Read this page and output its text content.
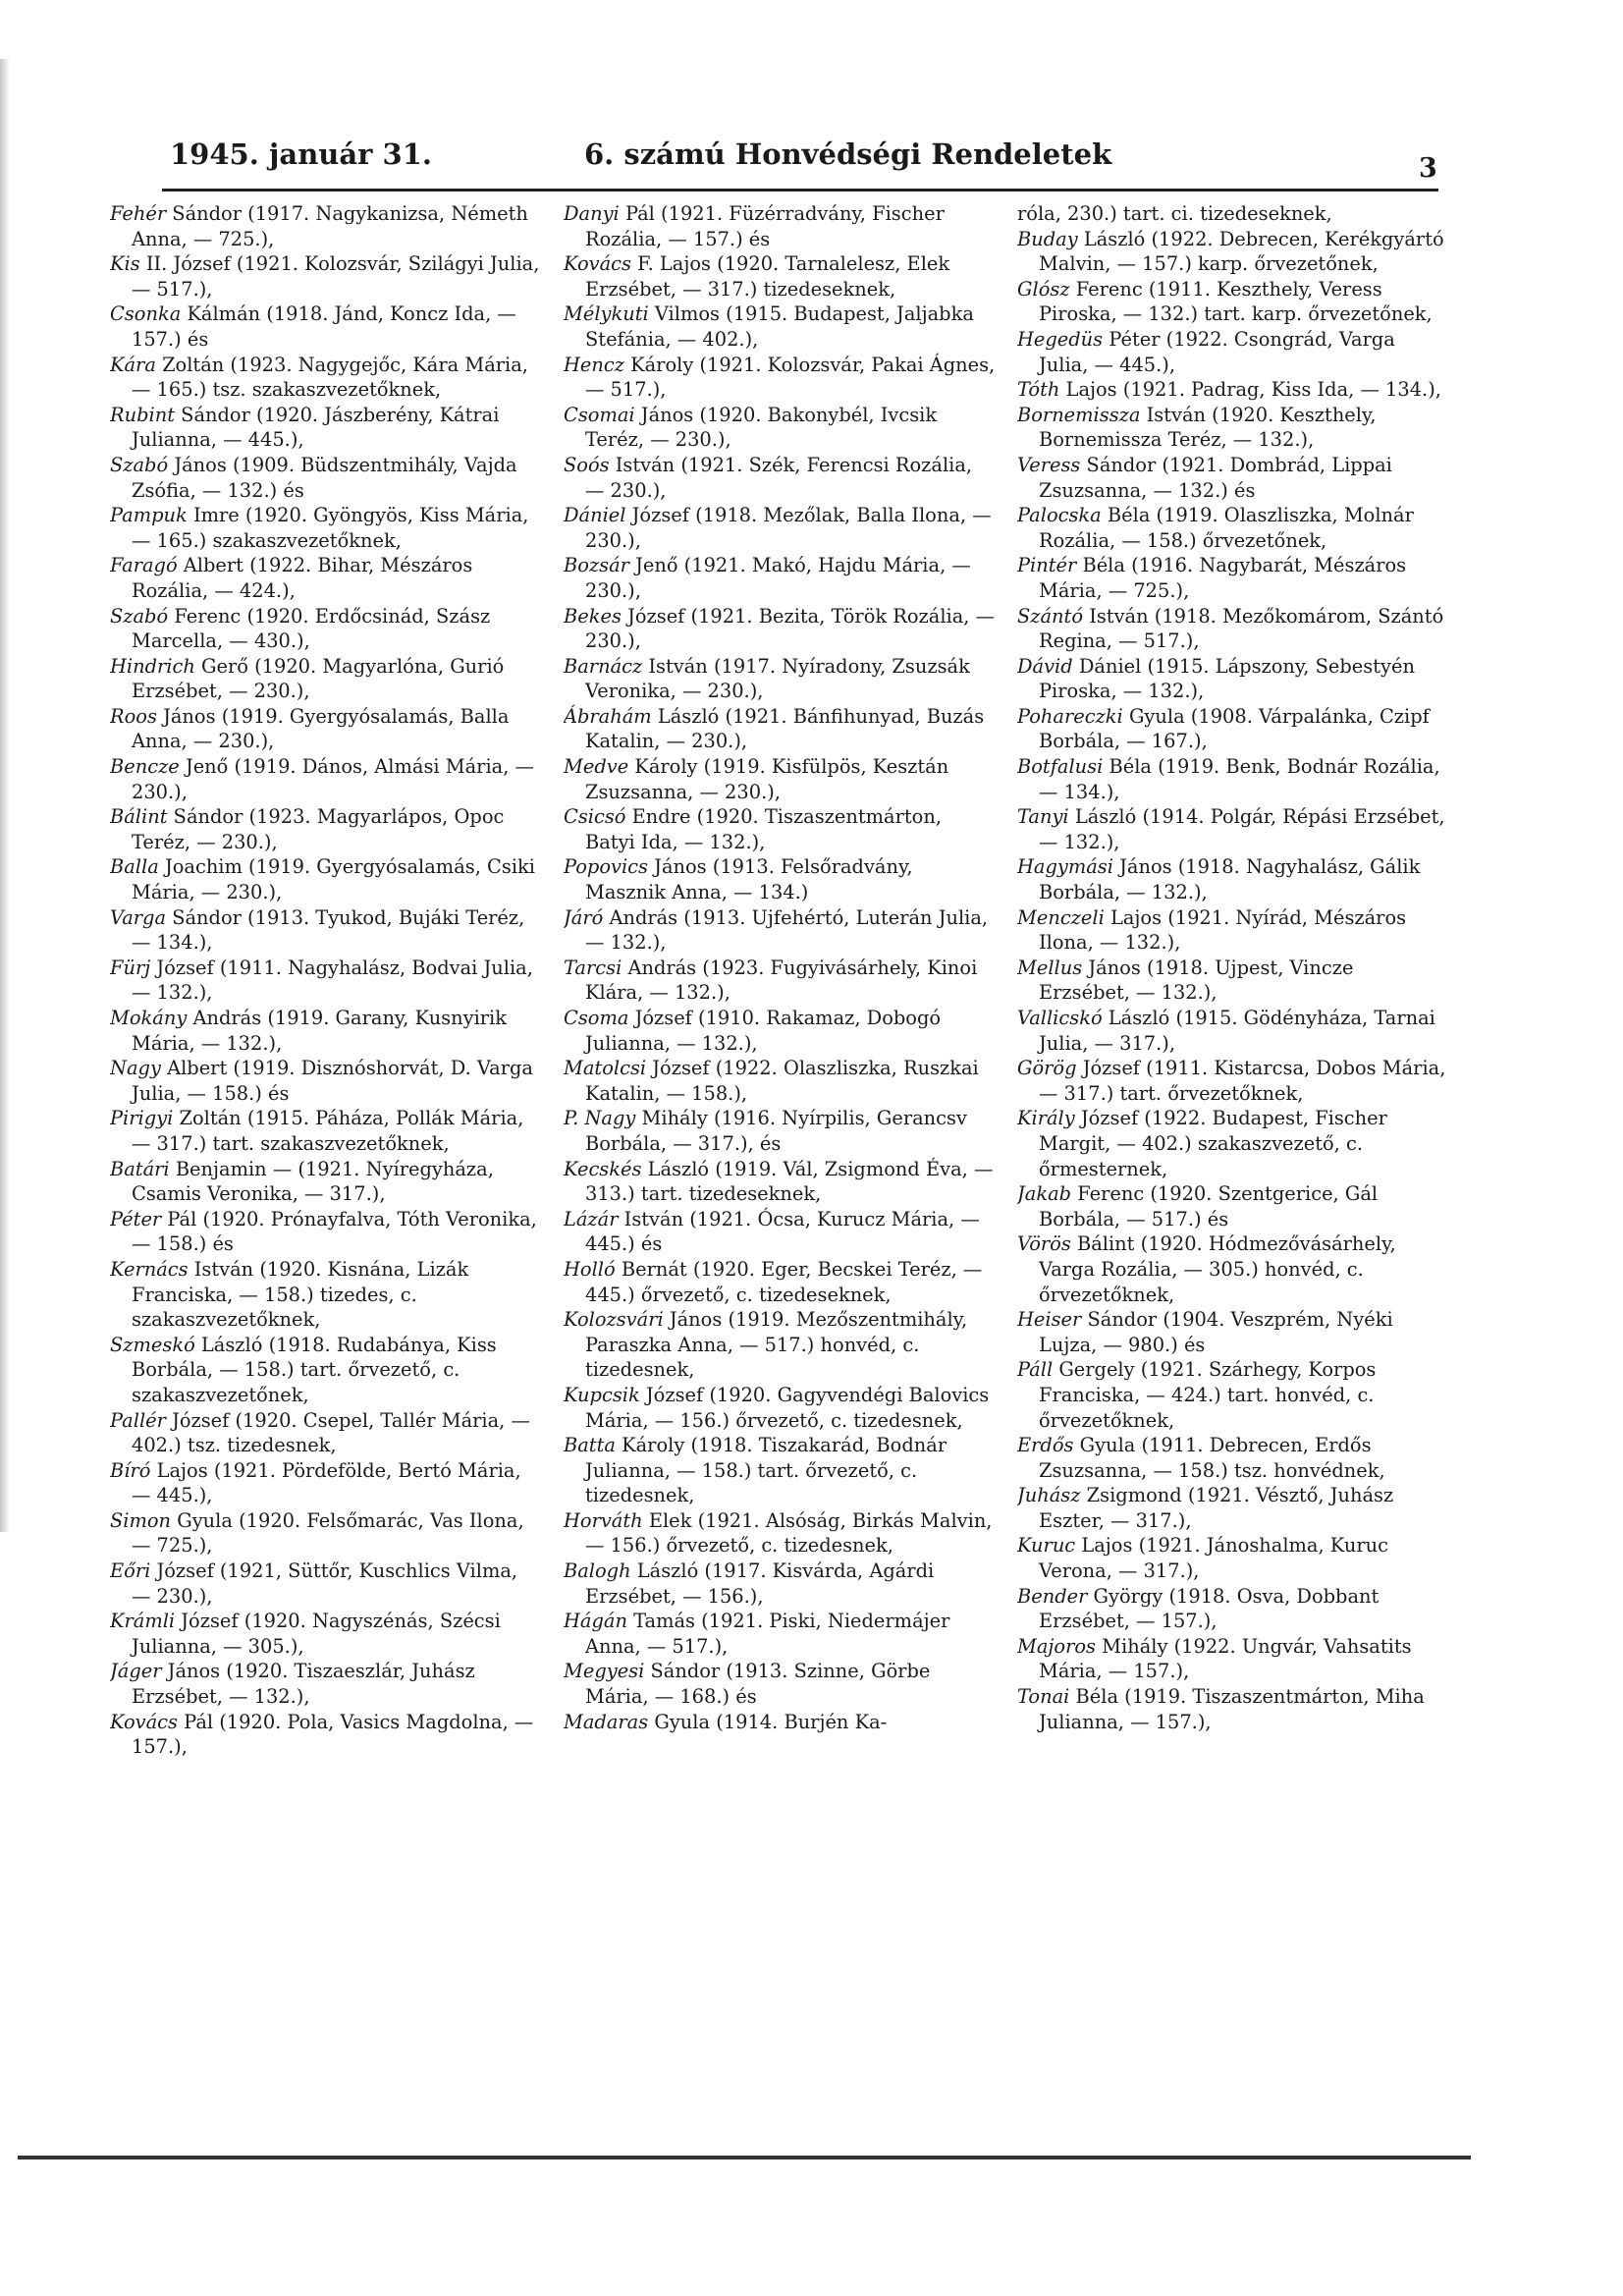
1945. január 31.	6. számú Honvédségi Rendeletek	3

Fehér Sándor (1917. Nagykanizsa, Németh Anna, — 725.),

Kis II. József (1921. Kolozsvár, Szilágyi Julia, — 517.),

Csonka Kálmán (1918. Jánd, Koncz Ida, — 157.) és

Kára Zoltán (1923. Nagygejőc, Kára Mária, — 165.) tsz. szakaszvezetőknek,

Rubint Sándor (1920. Jászberény, Kátrai Julianna, — 445.),

Szabó János (1909. Büdszentmihály, Vajda Zsófia, — 132.) és

Pampuk Imre (1920. Gyöngyös, Kiss Mária, — 165.) szakaszvezetőknek,

Faragó Albert (1922. Bihar, Mészáros Rozália, — 424.),

Szabó Ferenc (1920. Erdőcsinád, Szász Marcella, — 430.),

Hindrich Gerő (1920. Magyarlóna, Gurió Erzsébet, — 230.),

Roos János (1919. Gyergyósalamás, Balla Anna, — 230.),

Bencze Jenő (1919. Dános, Almási Mária, — 230.),

Bálint Sándor (1923. Magyarlápos, Opoc Teréz, — 230.),

Balla Joachim (1919. Gyergyósalamás, Csiki Mária, — 230.),

Varga Sándor (1913. Tyukod, Bujáki Teréz, — 134.),

Fürj József (1911. Nagyhalász, Bodvai Julia, — 132.),

Mokány András (1919. Garany, Kusnyirik Mária, — 132.),

Nagy Albert (1919. Disznóshorvát, D. Varga Julia, — 158.) és

Pirigyi Zoltán (1915. Páháza, Pollák Mária, — 317.) tart. szakaszvezetőknek,

Batári Benjamin — (1921. Nyíregyháza, Csamis Veronika, — 317.),

Péter Pál (1920. Prónayfalva, Tóth Veronika, — 158.) és

Kernács István (1920. Kisnána, Lizák Franciska, — 158.) tizedes, c. szakaszvezetőknek,

Szmeskó László (1918. Rudabánya, Kiss Borbála, — 158.) tart. őrvezető, c. szakaszvezetőnek,

Pallér József (1920. Csepel, Tallér Mária, — 402.) tsz. tizedesnek,

Bíró Lajos (1921. Pördefölde, Bertó Mária, — 445.),

Simon Gyula (1920. Felsőmarác, Vas Ilona, — 725.),

Eőri József (1921, Süttőr, Kuschlics Vilma, — 230.),

Krámli József (1920. Nagyszénás, Szécsi Julianna, — 305.),

Jáger János (1920. Tiszaeszlár, Juhász Erzsébet, — 132.),

Kovács Pál (1920. Pola, Vasics Magdolna, — 157.),

Danyi Pál (1921. Füzérradvány, Fischer Rozália, — 157.) és

Kovács F. Lajos (1920. Tarnalelesz, Elek Erzsébet, — 317.) tizedeseknek,

Mélykuti Vilmos (1915. Budapest, Jaljabka Stefánia, — 402.),

Hencz Károly (1921. Kolozsvár, Pakai Ágnes, — 517.),

Csomai János (1920. Bakonybél, Ivcsik Teréz, — 230.),

Soós István (1921. Szék, Ferencsi Rozália, — 230.),

Dániel József (1918. Mezőlak, Balla Ilona, — 230.),

Bozsár Jenő (1921. Makó, Hajdu Mária, — 230.),

Bekes József (1921. Bezita, Török Rozália, — 230.),

Barnácz István (1917. Nyíradony, Zsuzsák Veronika, — 230.),

Ábrahám László (1921. Bánfihunyad, Buzás Katalin, — 230.),

Medve Károly (1919. Kisfülpös, Kesztán Zsuzsanna, — 230.),

Csicsó Endre (1920. Tiszaszentmárton, Batyi Ida, — 132.),

Popovics János (1913. Felsőradvány, Masznik Anna, — 134.)

Járó András (1913. Ujfehértó, Luterán Julia, — 132.),

Tarcsi András (1923. Fugyivásárhely, Kinoi Klára, — 132.),

Csoma József (1910. Rakamaz, Dobogó Julianna, — 132.),

Matolcsi József (1922. Olaszliszka, Ruszkai Katalin, — 158.),

P. Nagy Mihály (1916. Nyírpilis, Gerancsv Borbála, — 317.), és

Kecskés László (1919. Vál, Zsigmond Éva, — 313.) tart. tizedeseknek,

Lázár István (1921. Ócsa, Kurucz Mária, — 445.) és

Holló Bernát (1920. Eger, Becskei Teréz, — 445.) őrvezető, c. tizedeseknek,

Kolozsvári János (1919. Mezőszentmihály, Paraszka Anna, — 517.) honvéd, c. tizedesnek,

Kupcsik József (1920. Gagyvendégi Balovics Mária, — 156.) őrvezető, c. tizedesnek,

Batta Károly (1918. Tiszakarád, Bodnár Julianna, — 158.) tart. őrvezető, c. tizedesnek,

Horváth Elek (1921. Alsóság, Birkás Malvin, — 156.) őrvezető, c. tizedesnek,

Balogh László (1917. Kisvárda, Agárdi Erzsébet, — 156.),

Hágán Tamás (1921. Piski, Niedermájer Anna, — 517.),

Megyesi Sándor (1913. Szinne, Görbe Mária, — 168.) és

Madaras Gyula (1914. Burjén Ka-

róla, 230.) tart. ci. tizedeseknek,

Buday László (1922. Debrecen, Kerékgyártó Malvin, — 157.) karp. őrvezetőnek,

Glósz Ferenc (1911. Keszthely, Veress Piroska, — 132.) tart. karp. őrvezetőnek,

Hegedüs Péter (1922. Csongrád, Varga Julia, — 445.),

Tóth Lajos (1921. Padrag, Kiss Ida, — 134.),

Bornemissza István (1920. Keszthely, Bornemissza Teréz, — 132.),

Veress Sándor (1921. Dombrád, Lippai Zsuzsanna, — 132.) és

Palocska Béla (1919. Olaszliszka, Molnár Rozália, — 158.) őrvezetőnek,

Pintér Béla (1916. Nagybarát, Mészáros Mária, — 725.),

Szántó István (1918. Mezőkomárom, Szántó Regina, — 517.),

Dávid Dániel (1915. Lápszony, Sebestyén Piroska, — 132.),

Pohareczki Gyula (1908. Várpalánka, Czipf Borbála, — 167.),

Botfalusi Béla (1919. Benk, Bodnár Rozália, — 134.),

Tanyi László (1914. Polgár, Répási Erzsébet, — 132.),

Hagymási János (1918. Nagyhalász, Gálik Borbála, — 132.),

Menczeli Lajos (1921. Nyírád, Mészáros Ilona, — 132.),

Mellus János (1918. Ujpest, Vincze Erzsébet, — 132.),

Vallicskó László (1915. Gödényháza, Tarnai Julia, — 317.),

Görög József (1911. Kistarcsa, Dobos Mária, — 317.) tart. őrvezetőknek,

Király József (1922. Budapest, Fischer Margit, — 402.) szakaszvezető, c. őrmesternek,

Jakab Ferenc (1920. Szentgerice, Gál Borbála, — 517.) és

Vörös Bálint (1920. Hódmezővásárhely, Varga Rozália, — 305.) honvéd, c. őrvezetőknek,

Heiser Sándor (1904. Veszprém, Nyéki Lujza, — 980.) és

Páll Gergely (1921. Szárhegy, Korpos Franciska, — 424.) tart. honvéd, c. őrvezetőknek,

Erdős Gyula (1911. Debrecen, Erdős Zsuzsanna, — 158.) tsz. honvédnek,

Juhász Zsigmond (1921. Vésztő, Juhász Eszter, — 317.),

Kuruc Lajos (1921. Jánoshalma, Kuruc Verona, — 317.),

Bender György (1918. Osva, Dobbant Erzsébet, — 157.),

Majoros Mihály (1922. Ungvár, Vahsatits Mária, — 157.),

Tonai Béla (1919. Tiszaszentmárton, Miha Julianna, — 157.),
